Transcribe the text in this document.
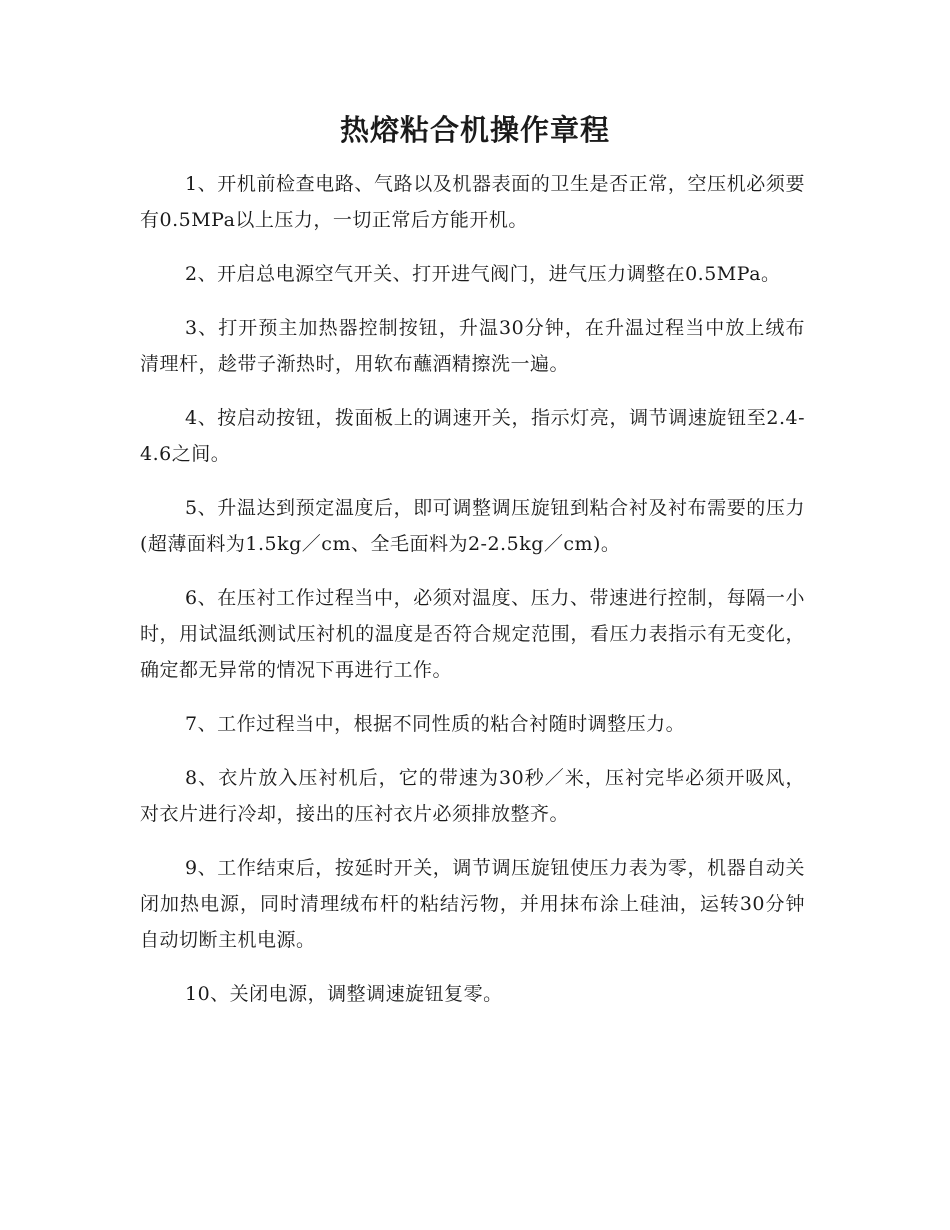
热熔粘合机操作章程

1、开机前检查电路、气路以及机器表面的卫生是否正常，空压机必须要有0.5MPa以上压力，一切正常后方能开机。

2、开启总电源空气开关、打开进气阀门，进气压力调整在0.5MPa。

3、打开预主加热器控制按钮，升温30分钟，在升温过程当中放上绒布清理杆，趁带子渐热时，用软布蘸酒精擦洗一遍。

4、按启动按钮，拨面板上的调速开关，指示灯亮，调节调速旋钮至2.4-4.6之间。

5、升温达到预定温度后，即可调整调压旋钮到粘合衬及衬布需要的压力(超薄面料为1.5kg／cm、全毛面料为2-2.5kg／cm)。

6、在压衬工作过程当中，必须对温度、压力、带速进行控制，每隔一小时，用试温纸测试压衬机的温度是否符合规定范围，看压力表指示有无变化，确定都无异常的情况下再进行工作。

7、工作过程当中，根据不同性质的粘合衬随时调整压力。

8、衣片放入压衬机后，它的带速为30秒／米，压衬完毕必须开吸风，对衣片进行冷却，接出的压衬衣片必须排放整齐。

9、工作结束后，按延时开关，调节调压旋钮使压力表为零，机器自动关闭加热电源，同时清理绒布杆的粘结污物，并用抹布涂上硅油，运转30分钟自动切断主机电源。

10、关闭电源，调整调速旋钮复零。
